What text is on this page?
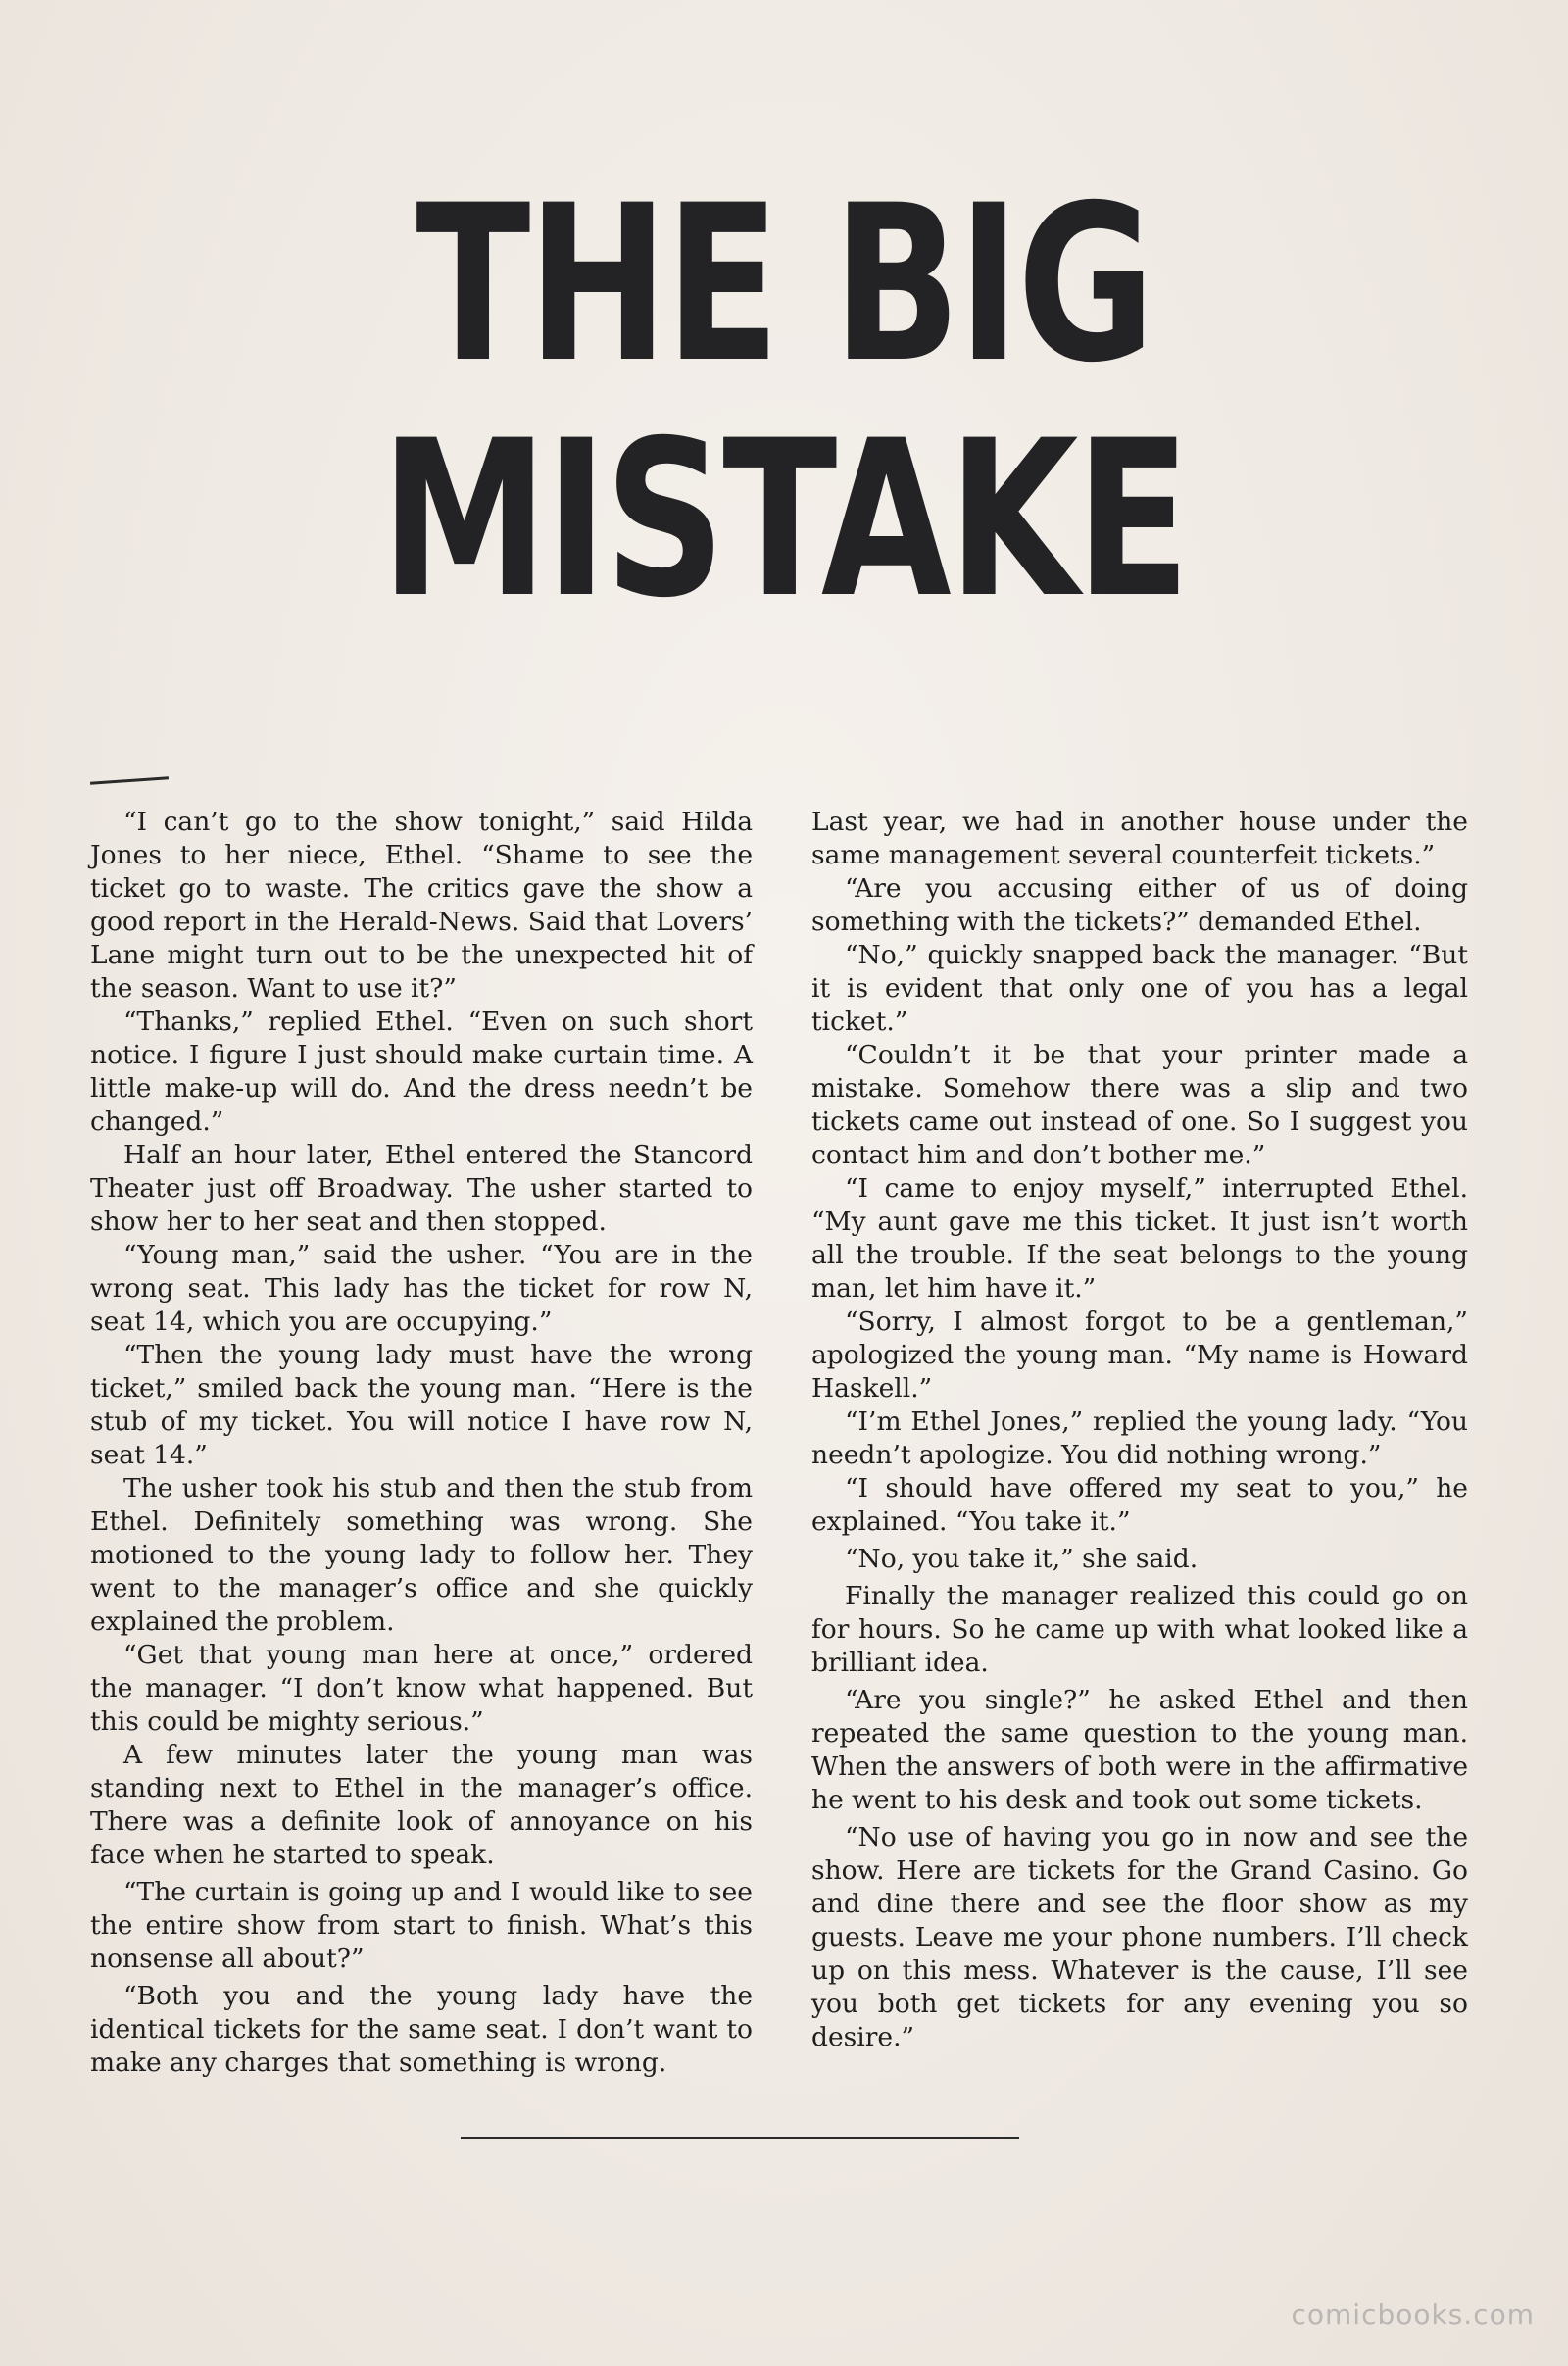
THE BIG
MISTAKE

“I can’t go to the show tonight,” said Hilda Jones to her niece, Ethel. “Shame to see the ticket go to waste. The critics gave the show a good report in the Herald-News. Said that Lovers’ Lane might turn out to be the unexpected hit of the season. Want to use it?”

“Thanks,” replied Ethel. “Even on such short notice. I figure I just should make curtain time. A little make-up will do. And the dress needn’t be changed.”

Half an hour later, Ethel entered the Stancord Theater just off Broadway. The usher started to show her to her seat and then stopped.

“Young man,” said the usher. “You are in the wrong seat. This lady has the ticket for row N, seat 14, which you are occupying.”

“Then the young lady must have the wrong ticket,” smiled back the young man. “Here is the stub of my ticket. You will notice I have row N, seat 14.”

The usher took his stub and then the stub from Ethel. Definitely something was wrong. She motioned to the young lady to follow her. They went to the manager’s office and she quickly explained the problem.

“Get that young man here at once,” ordered the manager. “I don’t know what happened. But this could be mighty serious.”

A few minutes later the young man was standing next to Ethel in the manager’s office. There was a definite look of annoyance on his face when he started to speak.

“The curtain is going up and I would like to see the entire show from start to finish. What’s this nonsense all about?”

“Both you and the young lady have the identical tickets for the same seat. I don’t want to make any charges that something is wrong.

Last year, we had in another house under the same management several counterfeit tickets.”

“Are you accusing either of us of doing something with the tickets?” demanded Ethel.

“No,” quickly snapped back the manager. “But it is evident that only one of you has a legal ticket.”

“Couldn’t it be that your printer made a mistake. Somehow there was a slip and two tickets came out instead of one. So I suggest you contact him and don’t bother me.”

“I came to enjoy myself,” interrupted Ethel. “My aunt gave me this ticket. It just isn’t worth all the trouble. If the seat belongs to the young man, let him have it.”

“Sorry, I almost forgot to be a gentleman,” apologized the young man. “My name is Howard Haskell.”

“I’m Ethel Jones,” replied the young lady. “You needn’t apologize. You did nothing wrong.”

“I should have offered my seat to you,” he explained. “You take it.”

“No, you take it,” she said.

Finally the manager realized this could go on for hours. So he came up with what looked like a brilliant idea.

“Are you single?” he asked Ethel and then repeated the same question to the young man. When the answers of both were in the affirmative he went to his desk and took out some tickets.

“No use of having you go in now and see the show. Here are tickets for the Grand Casino. Go and dine there and see the floor show as my guests. Leave me your phone numbers. I’ll check up on this mess. Whatever is the cause, I’ll see you both get tickets for any evening you so desire.”

comicbooks.com
